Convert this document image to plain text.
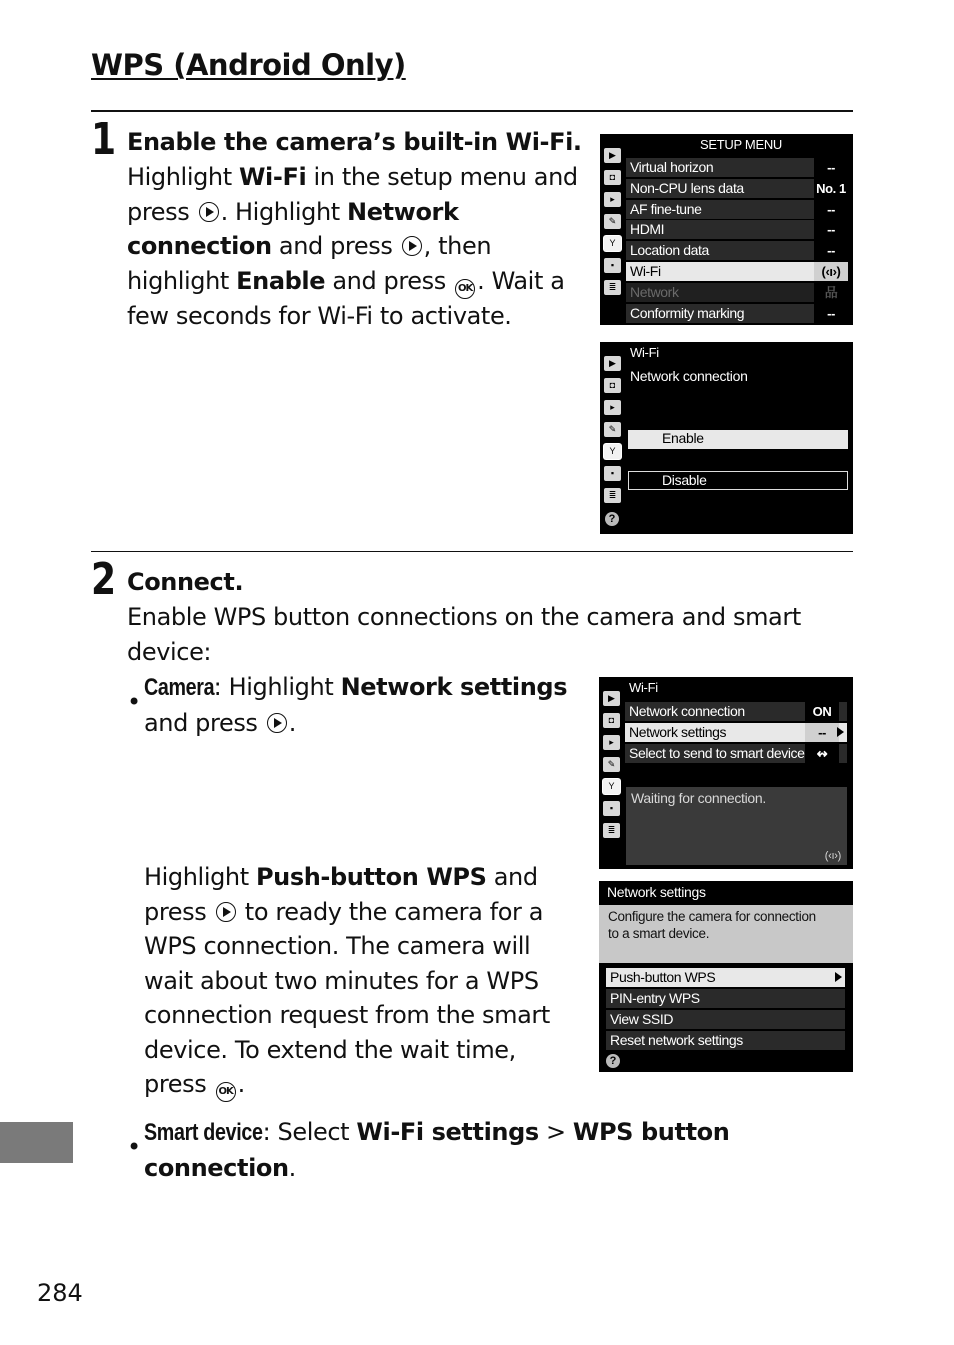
WPS (Android Only)
1 Enable the camera’s built-in Wi-Fi.
Highlight Wi-Fi in the setup menu and
press . Highlight Network
connection and press , then
highlight Enable and press OK . Wait a
few seconds for Wi-Fi to activate.
▶
◘
▸
✎
Y
▪
≣
SETUP MENU
Virtual horizon	--
Non-CPU lens data	No. 1
AF fine-tune	--
HDMI	--
Location data	--
Wi-Fi	(‹ı›)
Network	品
Conformity marking	--
▶
◘
▸
✎
Y
▪
≣
?
Wi-Fi
Network connection
Enable
Disable
2 Connect.
Enable WPS button connections on the camera and smart
device:
•
Camera: Highlight Network settings
and press .
Highlight Push-button WPS and
press  to ready the camera for a
WPS connection. The camera will
wait about two minutes for a WPS
connection request from the smart
device. To extend the wait time,
press OK .
•
Smart device: Select Wi-Fi settings > WPS button
connection.
▶
◘
▸
✎
Y
▪
≣
Wi-Fi
Network connection	ON
Network settings	--
Select to send to smart device ↭
Waiting for connection.
(‹ı›)
Network settings
Configure the camera for connection
to a smart device.
Push-button WPS
PIN-entry WPS
View SSID
Reset network settings
?
284
